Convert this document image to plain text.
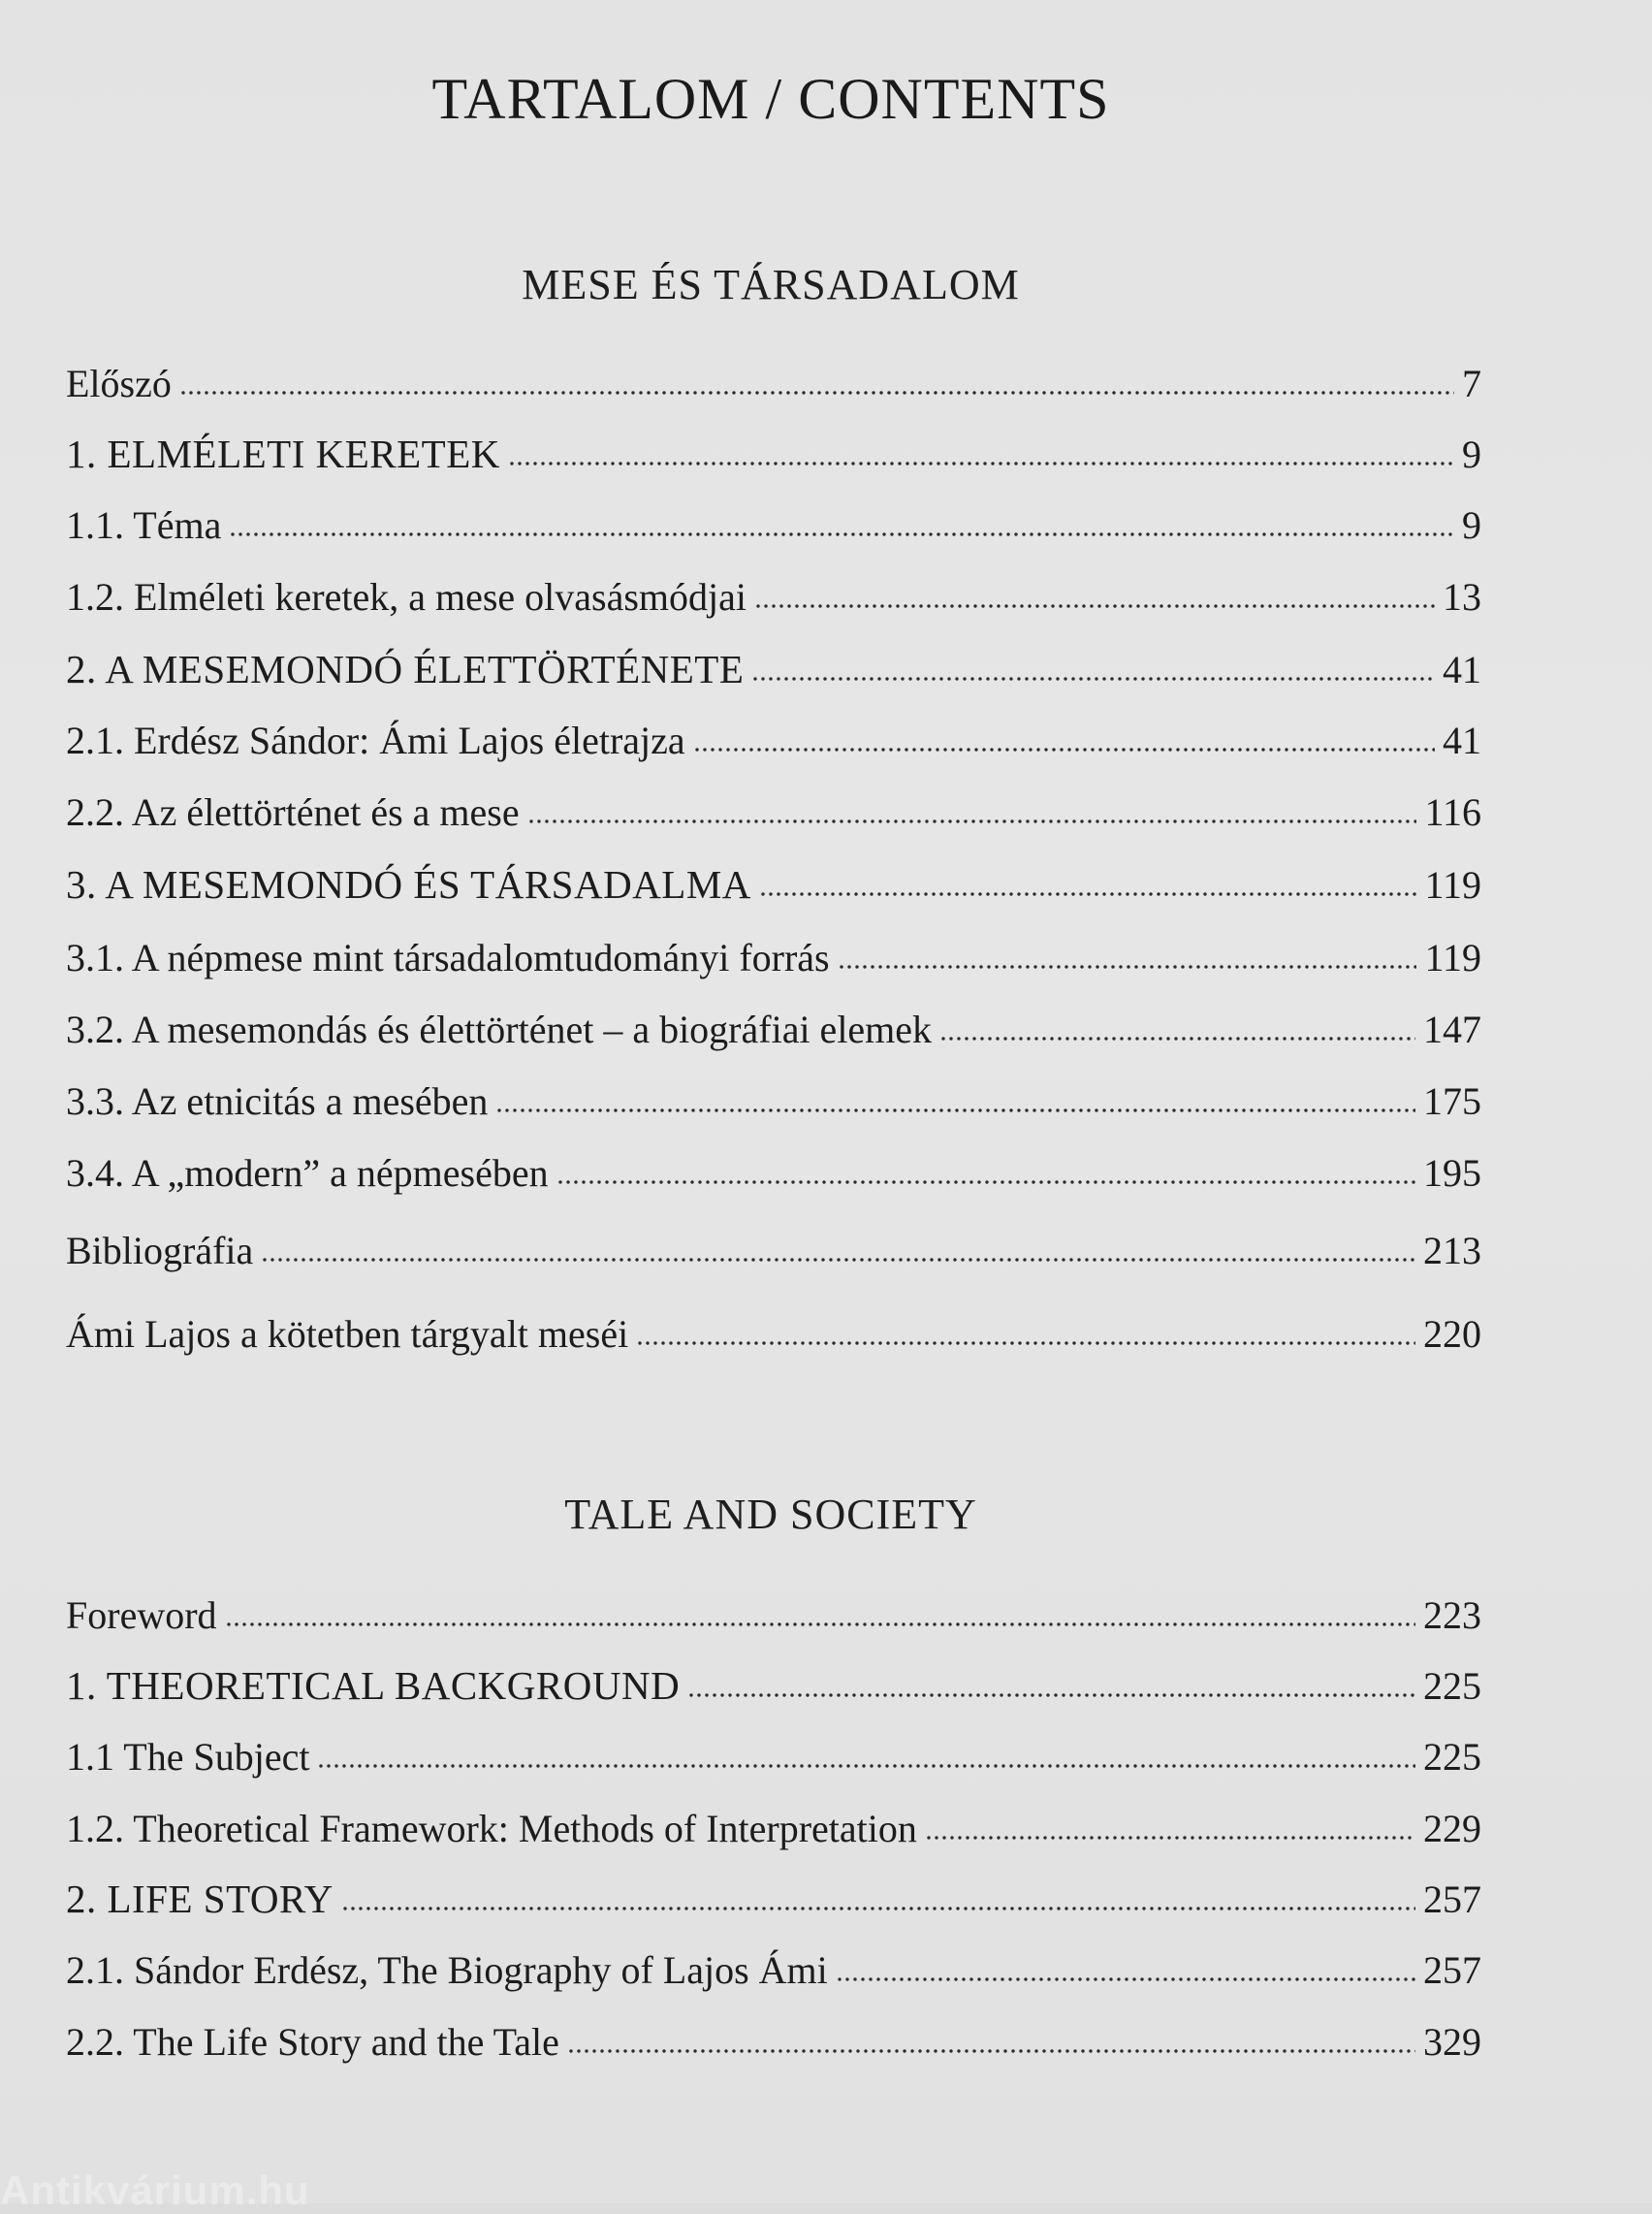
TARTALOM / CONTENTS
MESE ÉS TÁRSADALOM
Előszó	7
1. ELMÉLETI KERETEK	9
1.1. Téma	9
1.2. Elméleti keretek, a mese olvasásmódjai	13
2. A MESEMONDÓ ÉLETTÖRTÉNETE	41
2.1. Erdész Sándor: Ámi Lajos életrajza	41
2.2. Az élettörténet és a mese	116
3. A MESEMONDÓ ÉS TÁRSADALMA	119
3.1. A népmese mint társadalomtudományi forrás	119
3.2. A mesemondás és élettörténet – a biográfiai elemek	147
3.3. Az etnicitás a mesében	175
3.4. A „modern” a népmesében	195
Bibliográfia	213
Ámi Lajos a kötetben tárgyalt meséi	220
TALE AND SOCIETY
Foreword	223
1. THEORETICAL BACKGROUND	225
1.1 The Subject	225
1.2. Theoretical Framework: Methods of Interpretation	229
2. LIFE STORY	257
2.1. Sándor Erdész, The Biography of Lajos Ámi	257
2.2. The Life Story and the Tale	329
Antikvárium.hu
